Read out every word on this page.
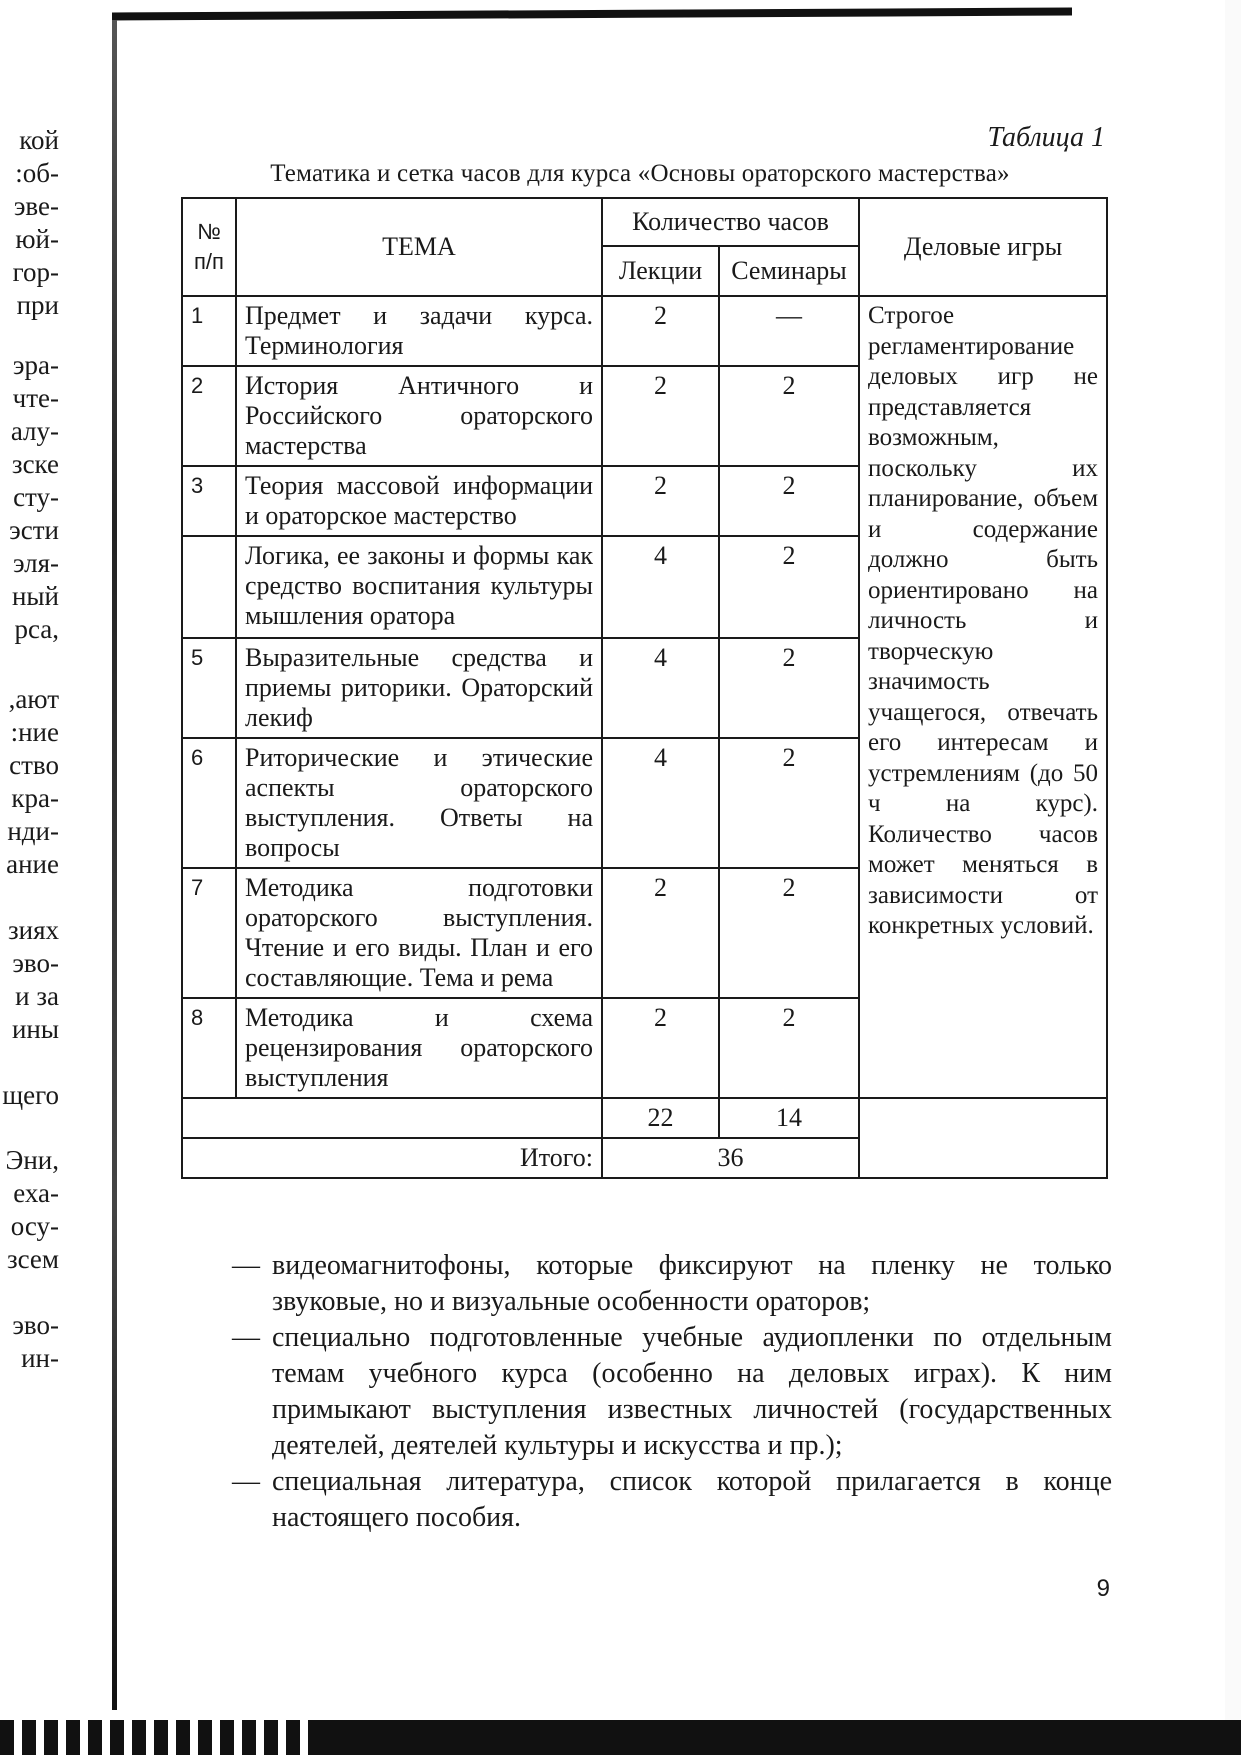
кой
:об-
эве-
юй-
гор-
при
эра-
чте-
алу-
зске
сту-
эсти
эля-
ный
рса,
,ают
:ние
ство
кра-
нди-
ание
зиях
эво-
и за
ины
щего
Эни,
еха-
осу-
зсем
эво-
ин-
Таблица 1
Тематика и сетка часов для курса «Основы ораторского мастерства»
№ п/п	ТЕМА	Количество часов		Деловые игры
		Лекции	Семинары	
1	Предмет и задачи курса. Терминология	2	—	Строгое регламентирование деловых игр не представляется возможным, поскольку их планирование, объем и содержание должно быть ориентировано на личность и творческую значимость учащегося, отвечать его интересам и устремлениям (до 50 ч на курс). Количество часов может меняться в зависимости от конкретных условий.
2	История Античного и Российского ораторского мастерства	2	2	
3	Теория массовой информации и ораторское мастерство	2	2	
	Логика, ее законы и формы как средство воспитания культуры мышления оратора	4	2	
5	Выразительные средства и приемы риторики. Ораторский лекиф	4	2	
6	Риторические и этические аспекты ораторского выступления. Ответы на вопросы	4	2	
7	Методика подготовки ораторского выступления. Чтение и его виды. План и его составляющие. Тема и рема	2	2	
8	Методика и схема рецензирования ораторского выступления	2	2	
		22	14	
Итого:		36		

— видеомагнитофоны, которые фиксируют на пленку не только звуковые, но и визуальные особенности ораторов;

— специально подготовленные учебные аудиопленки по отдельным темам учебного курса (особенно на деловых играх). К ним примыкают выступления известных личностей (государственных деятелей, деятелей культуры и искусства и пр.);

— специальная литература, список которой прилагается в конце настоящего пособия.

9
